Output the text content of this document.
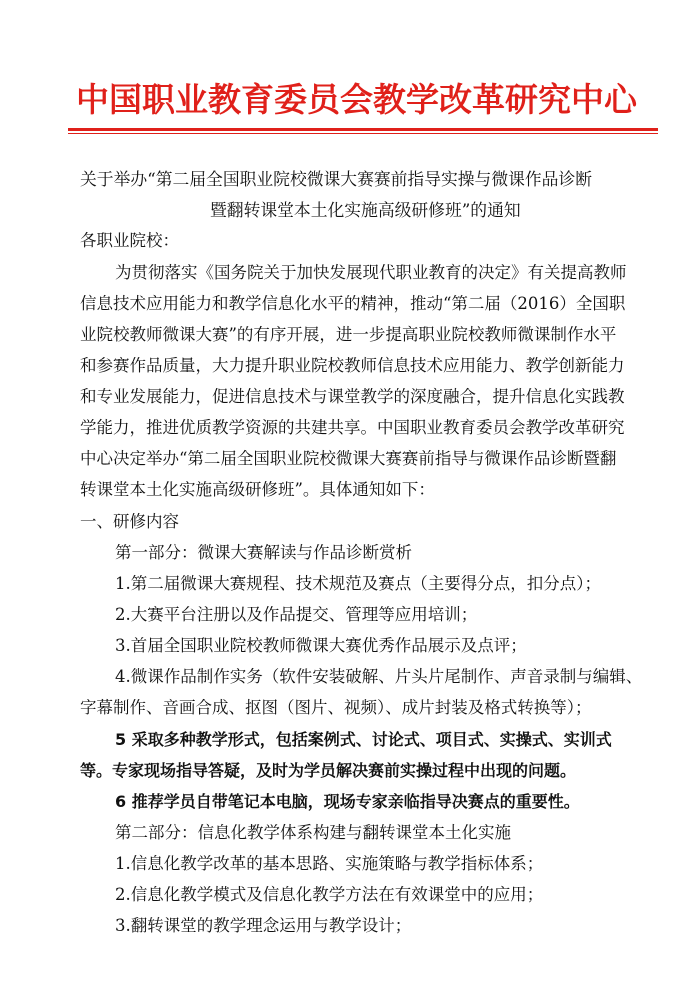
中国职业教育委员会教学改革研究中心
关于举办“第二届全国职业院校微课大赛赛前指导实操与微课作品诊断
暨翻转课堂本土化实施高级研修班”的通知
各职业院校：
为贯彻落实《国务院关于加快发展现代职业教育的决定》有关提高教师
信息技术应用能力和教学信息化水平的精神，推动“第二届（2016）全国职
业院校教师微课大赛”的有序开展，进一步提高职业院校教师微课制作水平
和参赛作品质量，大力提升职业院校教师信息技术应用能力、教学创新能力
和专业发展能力，促进信息技术与课堂教学的深度融合，提升信息化实践教
学能力，推进优质教学资源的共建共享。中国职业教育委员会教学改革研究
中心决定举办“第二届全国职业院校微课大赛赛前指导与微课作品诊断暨翻
转课堂本土化实施高级研修班”。具体通知如下：
一、研修内容
第一部分：微课大赛解读与作品诊断赏析
1.第二届微课大赛规程、技术规范及赛点（主要得分点，扣分点）；
2.大赛平台注册以及作品提交、管理等应用培训；
3.首届全国职业院校教师微课大赛优秀作品展示及点评；
4.微课作品制作实务（软件安装破解、片头片尾制作、声音录制与编辑、
字幕制作、音画合成、抠图（图片、视频）、成片封装及格式转换等）；
5 采取多种教学形式，包括案例式、讨论式、项目式、实操式、实训式
等。专家现场指导答疑，及时为学员解决赛前实操过程中出现的问题。
6 推荐学员自带笔记本电脑，现场专家亲临指导决赛点的重要性。
第二部分：信息化教学体系构建与翻转课堂本土化实施
1.信息化教学改革的基本思路、实施策略与教学指标体系；
2.信息化教学模式及信息化教学方法在有效课堂中的应用；
3.翻转课堂的教学理念运用与教学设计；
